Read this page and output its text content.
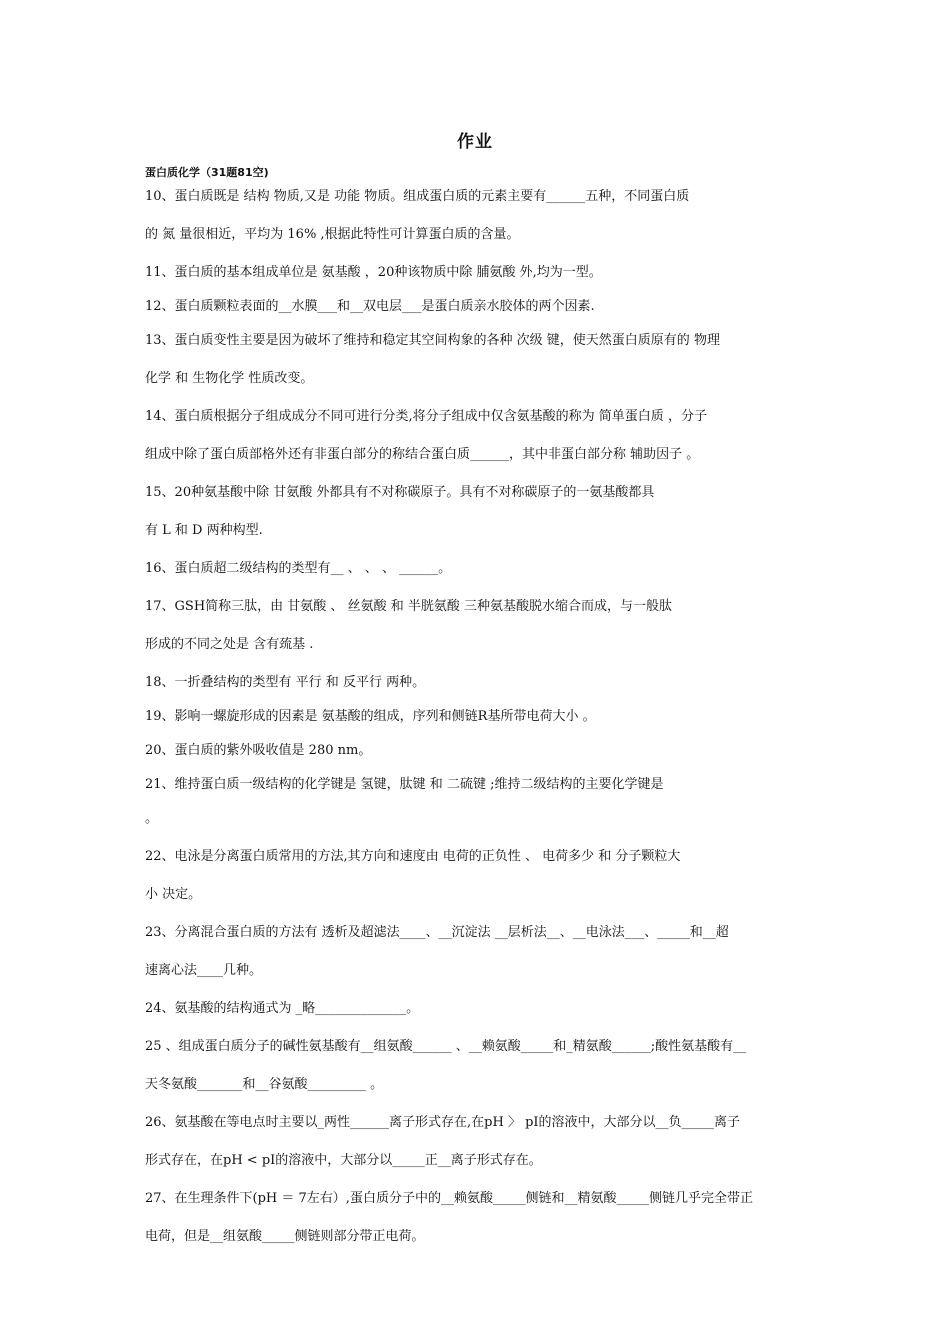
作业
蛋白质化学（31题81空)
10、蛋白质既是 结构 物质,又是 功能 物质。组成蛋白质的元素主要有______五种，不同蛋白质
的 氮 量很相近，平均为 16% ,根据此特性可计算蛋白质的含量。
11、蛋白质的基本组成单位是 氨基酸 ，20种该物质中除 脯氨酸 外,均为一型。
12、蛋白质颗粒表面的__水膜___和__双电层___是蛋白质亲水胶体的两个因素.
13、蛋白质变性主要是因为破坏了维持和稳定其空间构象的各种 次级 键，使天然蛋白质原有的 物理
化学 和 生物化学 性质改变。
14、蛋白质根据分子组成成分不同可进行分类,将分子组成中仅含氨基酸的称为 简单蛋白质 ，分子
组成中除了蛋白质部格外还有非蛋白部分的称结合蛋白质______，其中非蛋白部分称 辅助因子 。
15、20种氨基酸中除 甘氨酸 外都具有不对称碳原子。具有不对称碳原子的一氨基酸都具
有 L 和 D 两种构型.
16、蛋白质超二级结构的类型有__ 、 、 、 ______。
17、GSH简称三肽，由 甘氨酸 、 丝氨酸 和 半胱氨酸 三种氨基酸脱水缩合而成，与一般肽
形成的不同之处是 含有巯基 .
18、一折叠结构的类型有 平行 和 反平行 两种。
19、影响一螺旋形成的因素是 氨基酸的组成，序列和侧链R基所带电荷大小 。
20、蛋白质的紫外吸收值是 280 nm。
21、维持蛋白质一级结构的化学键是 氢键，肽键 和 二硫键 ;维持二级结构的主要化学键是
。
22、电泳是分离蛋白质常用的方法,其方向和速度由 电荷的正负性 、 电荷多少 和 分子颗粒大
小 决定。
23、分离混合蛋白质的方法有 透析及超滤法____、__沉淀法 __层析法__、__电泳法___、_____和__超
速离心法____几种。
24、氨基酸的结构通式为 _略______________。
25 、组成蛋白质分子的碱性氨基酸有__组氨酸______ 、__赖氨酸_____和_精氨酸______;酸性氨基酸有__
天冬氨酸_______和__谷氨酸_________ 。
26、氨基酸在等电点时主要以_两性______离子形式存在,在pH 〉 pI的溶液中，大部分以__负_____离子
形式存在，在pH < pI的溶液中，大部分以_____正__离子形式存在。
27、在生理条件下(pH ＝ 7左右）,蛋白质分子中的__赖氨酸_____侧链和__精氨酸_____侧链几乎完全带正
电荷，但是__组氨酸_____侧链则部分带正电荷。
